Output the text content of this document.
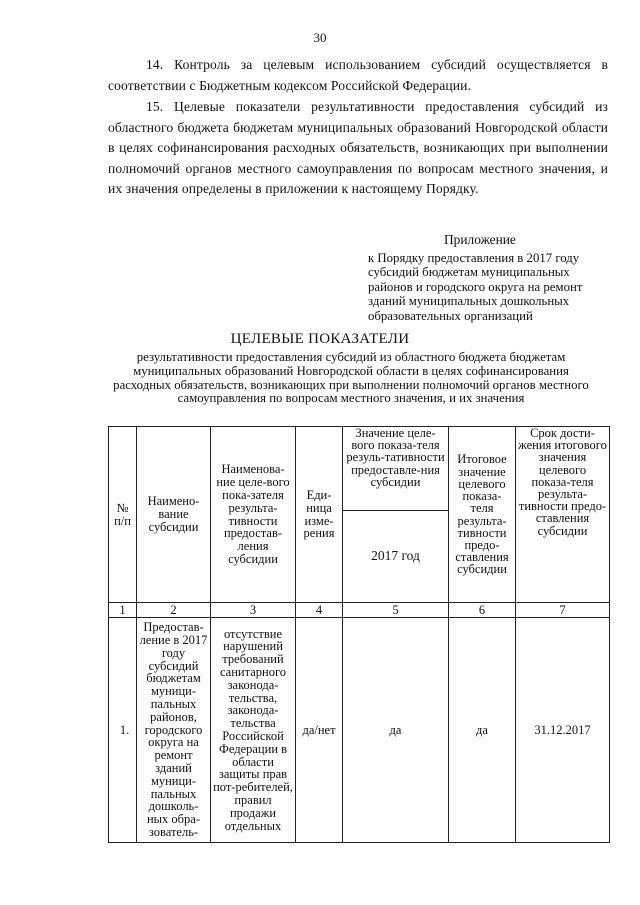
30
14. Контроль за целевым использованием субсидий осуществляется в соответствии с Бюджетным кодексом Российской Федерации.
15. Целевые показатели результативности предоставления субсидий из областного бюджета бюджетам муниципальных образований Новгородской области в целях софинансирования расходных обязательств, возникающих при выполнении полномочий органов местного самоуправления по вопросам местного значения, и их значения определены в приложении к настоящему Порядку.
Приложение
к Порядку предоставления в 2017 году субсидий бюджетам муниципальных районов и городского округа на ремонт зданий муниципальных дошкольных образовательных организаций
ЦЕЛЕВЫЕ ПОКАЗАТЕЛИ
результативности предоставления субсидий из областного бюджета бюджетам муниципальных образований Новгородской области в целях софинансирования расходных обязательств, возникающих при выполнении полномочий органов местного самоуправления по вопросам местного значения, и их значения
№ п/п	Наимено-вание субсидии	Наименова-ние целе-вого пока-зателя результа-тивности предостав-ления субсидии	Еди-ница изме-рения	Значение целе-вого показа-теля резуль-тативности предоставле-ния субсидии	Итоговое значение целевого показа-теля результа-тивности предо-ставления субсидии	Срок дости-жения итогового значения целевого показа-теля результа-тивности предо-ставления субсидии
				2017 год		
1	2	3	4	5	6	7
1.	Предостав-ление в 2017 году субсидий бюджетам муници-пальных районов, городского округа на ремонт зданий муници-пальных дошколь-ных обра-зователь-	отсутствие нарушений требований санитарного законода-тельства, законода-тельства Российской Федерации в области защиты прав пот-ребителей, правил продажи отдельных	да/нет	да	да	31.12.2017
